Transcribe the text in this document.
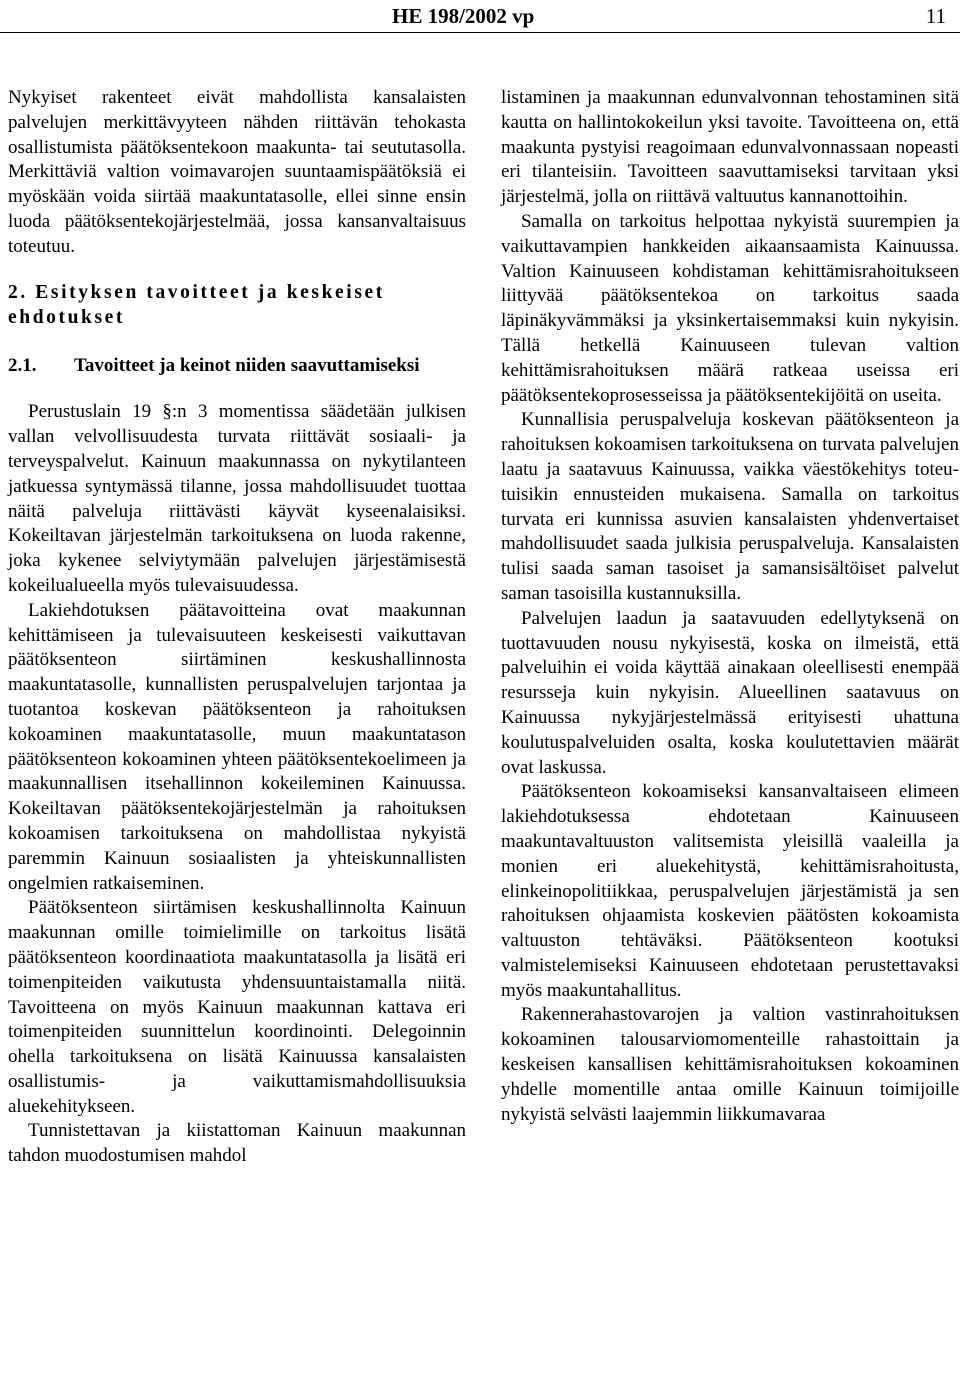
HE 198/2002 vp	11

Nykyiset rakenteet eivät mahdollista kansalaisten palvelujen merkittävyyteen nähden riittävän tehokasta osallistumista päätöksentekoon maakunta- tai seututasolla. Merkittäviä valtion voimavarojen suuntaamispäätöksiä ei myöskään voida siirtää maakuntatasolle, ellei sinne ensin luoda päätöksentekojärjestelmää, jossa kansanvaltaisuus toteutuu.

2. Esityksen tavoitteet ja keskeiset ehdotukset
2.1.	Tavoitteet ja keinot niiden saavuttamiseksi

Perustuslain 19 §:n 3 momentissa säädetään julkisen vallan velvollisuudesta turvata riittävät sosiaali- ja terveyspalvelut. Kainuun maakunnassa on nykytilanteen jatkuessa syntymässä tilanne, jossa mahdollisuudet tuottaa näitä palveluja riittävästi käyvät kyseenalaisiksi. Kokeiltavan järjestelmän tarkoituksena on luoda rakenne, joka kykenee selviytymään palvelujen järjestämisestä kokeilualueella myös tulevaisuudessa.

Lakiehdotuksen päätavoitteina ovat maakunnan kehittämiseen ja tulevaisuuteen keskeisesti vaikuttavan päätöksenteon siirtäminen keskushallinnosta maakuntatasolle, kunnallisten peruspalvelujen tarjontaa ja tuotantoa koskevan päätöksenteon ja rahoituksen kokoaminen maakuntatasolle, muun maakuntatason päätöksenteon kokoaminen yhteen päätöksentekoelimeen ja maakunnallisen itsehallinnon kokeileminen Kainuussa. Kokeiltavan päätöksentekojärjestelmän ja rahoituksen kokoamisen tarkoituksena on mahdollistaa nykyistä paremmin Kainuun sosiaalisten ja yhteiskunnallisten ongelmien ratkaiseminen.

Päätöksenteon siirtämisen keskushallinnolta Kainuun maakunnan omille toimielimille on tarkoitus lisätä päätöksenteon koordinaatiota maakuntatasolla ja lisätä eri toimenpiteiden vaikutusta yhdensuuntaistamalla niitä. Tavoitteena on myös Kainuun maakunnan kattava eri toimenpiteiden suunnittelun koordinointi. Delegoinnin ohella tarkoituksena on lisätä Kainuussa kansalaisten osallistumis- ja vaikuttamismahdollisuuksia aluekehitykseen.

Tunnistettavan ja kiistattoman Kainuun maakunnan tahdon muodostumisen mahdol

listaminen ja maakunnan edunvalvonnan tehostaminen sitä kautta on hallintokokeilun yksi tavoite. Tavoitteena on, että maakunta pystyisi reagoimaan edunvalvonnassaan nopeasti eri tilanteisiin. Tavoitteen saavuttamiseksi tarvitaan yksi järjestelmä, jolla on riittävä valtuutus kannanottoihin.

Samalla on tarkoitus helpottaa nykyistä suurempien ja vaikuttavampien hankkeiden aikaansaamista Kainuussa. Valtion Kainuuseen kohdistaman kehittämisrahoitukseen liittyvää päätöksentekoa on tarkoitus saada läpinäkyvämmäksi ja yksinkertaisemmaksi kuin nykyisin. Tällä hetkellä Kainuuseen tulevan valtion kehittämisrahoituksen määrä ratkeaa useissa eri päätöksentekoprosesseissa ja päätöksentekijöitä on useita.

Kunnallisia peruspalveluja koskevan päätöksenteon ja rahoituksen kokoamisen tarkoituksena on turvata palvelujen laatu ja saatavuus Kainuussa, vaikka väestökehitys toteutuisikin ennusteiden mukaisena. Samalla on tarkoitus turvata eri kunnissa asuvien kansalaisten yhdenvertaiset mahdollisuudet saada julkisia peruspalveluja. Kansalaisten tulisi saada saman tasoiset ja samansisältöiset palvelut saman tasoisilla kustannuksilla.

Palvelujen laadun ja saatavuuden edellytyksenä on tuottavuuden nousu nykyisestä, koska on ilmeistä, että palveluihin ei voida käyttää ainakaan oleellisesti enempää resursseja kuin nykyisin. Alueellinen saatavuus on Kainuussa nykyjärjestelmässä erityisesti uhattuna koulutuspalveluiden osalta, koska koulutettavien määrät ovat laskussa.

Päätöksenteon kokoamiseksi kansanvaltaiseen elimeen lakiehdotuksessa ehdotetaan Kainuuseen maakuntavaltuuston valitsemista yleisillä vaaleilla ja monien eri aluekehitystä, kehittämisrahoitusta, elinkeinopolitiikkaa, peruspalvelujen järjestämistä ja sen rahoituksen ohjaamista koskevien päätösten kokoamista valtuuston tehtäväksi. Päätöksenteon kootuksi valmistelemiseksi Kainuuseen ehdotetaan perustettavaksi myös maakuntahallitus.

Rakennerahastovarojen ja valtion vastinrahoituksen kokoaminen talousarviomomenteille rahastoittain ja keskeisen kansallisen kehittämisrahoituksen kokoaminen yhdelle momentille antaa omille Kainuun toimijoille nykyistä selvästi laajemmin liikkumavaraa
